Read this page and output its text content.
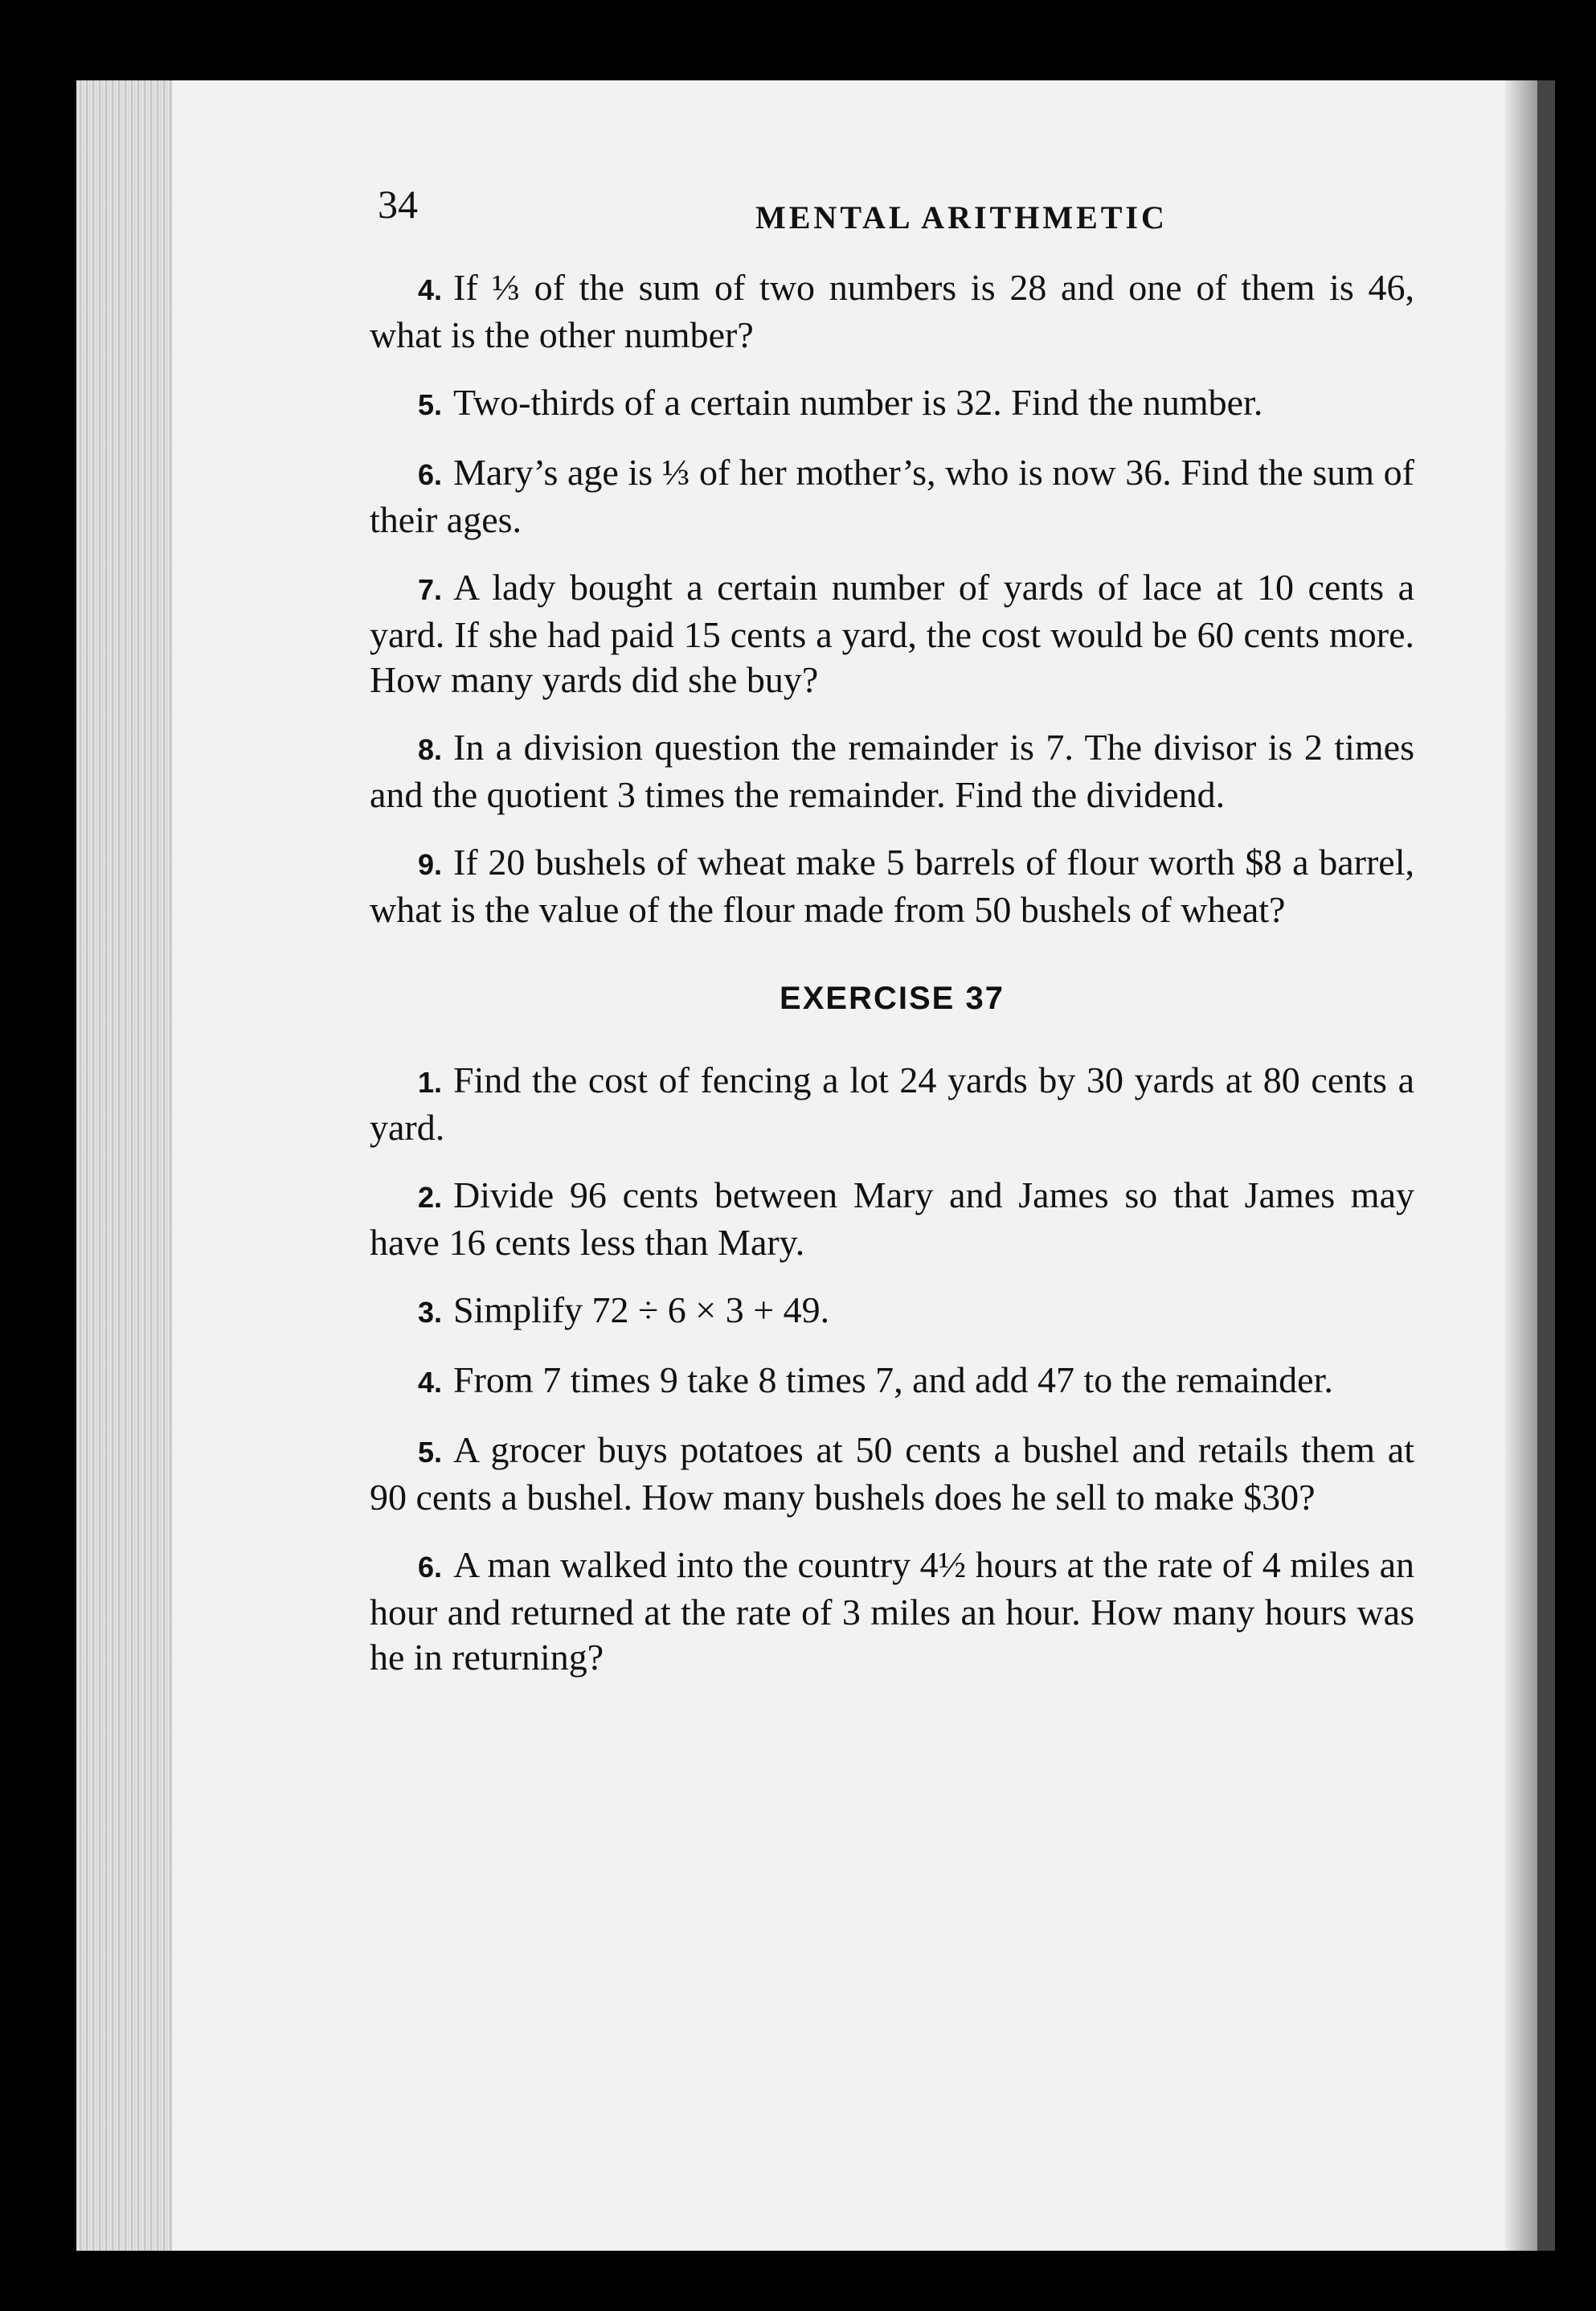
34	MENTAL ARITHMETIC

4. If ⅓ of the sum of two numbers is 28 and one of them is 46, what is the other number?

5. Two-thirds of a certain number is 32. Find the number.

6. Mary’s age is ⅓ of her mother’s, who is now 36. Find the sum of their ages.

7. A lady bought a certain number of yards of lace at 10 cents a yard. If she had paid 15 cents a yard, the cost would be 60 cents more. How many yards did she buy?

8. In a division question the remainder is 7. The divisor is 2 times and the quotient 3 times the remainder. Find the dividend.

9. If 20 bushels of wheat make 5 barrels of flour worth $8 a barrel, what is the value of the flour made from 50 bushels of wheat?

EXERCISE 37

1. Find the cost of fencing a lot 24 yards by 30 yards at 80 cents a yard.

2. Divide 96 cents between Mary and James so that James may have 16 cents less than Mary.

3. Simplify 72 ÷ 6 × 3 + 49.

4. From 7 times 9 take 8 times 7, and add 47 to the remainder.

5. A grocer buys potatoes at 50 cents a bushel and retails them at 90 cents a bushel. How many bushels does he sell to make $30?

6. A man walked into the country 4½ hours at the rate of 4 miles an hour and returned at the rate of 3 miles an hour. How many hours was he in returning?
